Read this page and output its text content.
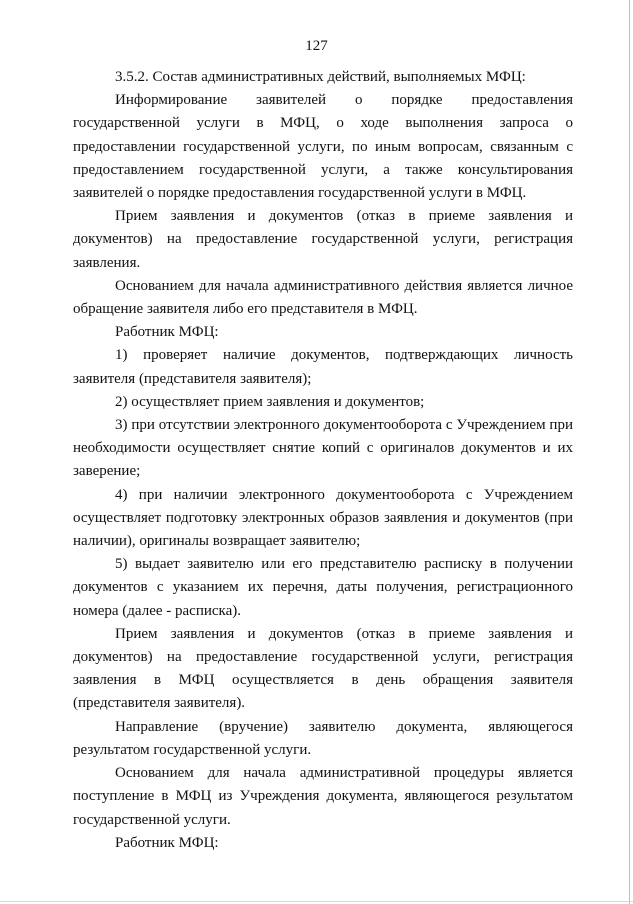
127

3.5.2. Состав административных действий, выполняемых МФЦ:

Информирование заявителей о порядке предоставления государственной услуги в МФЦ, о ходе выполнения запроса о предоставлении государственной услуги, по иным вопросам, связанным с предоставлением государственной услуги, а также консультирования заявителей о порядке предоставления государственной услуги в МФЦ.

Прием заявления и документов (отказ в приеме заявления и документов) на предоставление государственной услуги, регистрация заявления.

Основанием для начала административного действия является личное обращение заявителя либо его представителя в МФЦ.

Работник МФЦ:

1) проверяет наличие документов, подтверждающих личность заявителя (представителя заявителя);

2) осуществляет прием заявления и документов;

3) при отсутствии электронного документооборота с Учреждением при необходимости осуществляет снятие копий с оригиналов документов и их заверение;

4) при наличии электронного документооборота с Учреждением осуществляет подготовку электронных образов заявления и документов (при наличии), оригиналы возвращает заявителю;

5) выдает заявителю или его представителю расписку в получении документов с указанием их перечня, даты получения, регистрационного номера (далее - расписка).

Прием заявления и документов (отказ в приеме заявления и документов) на предоставление государственной услуги, регистрация заявления в МФЦ осуществляется в день обращения заявителя (представителя заявителя).

Направление (вручение) заявителю документа, являющегося результатом государственной услуги.

Основанием для начала административной процедуры является поступление в МФЦ из Учреждения документа, являющегося результатом государственной услуги.

Работник МФЦ:
